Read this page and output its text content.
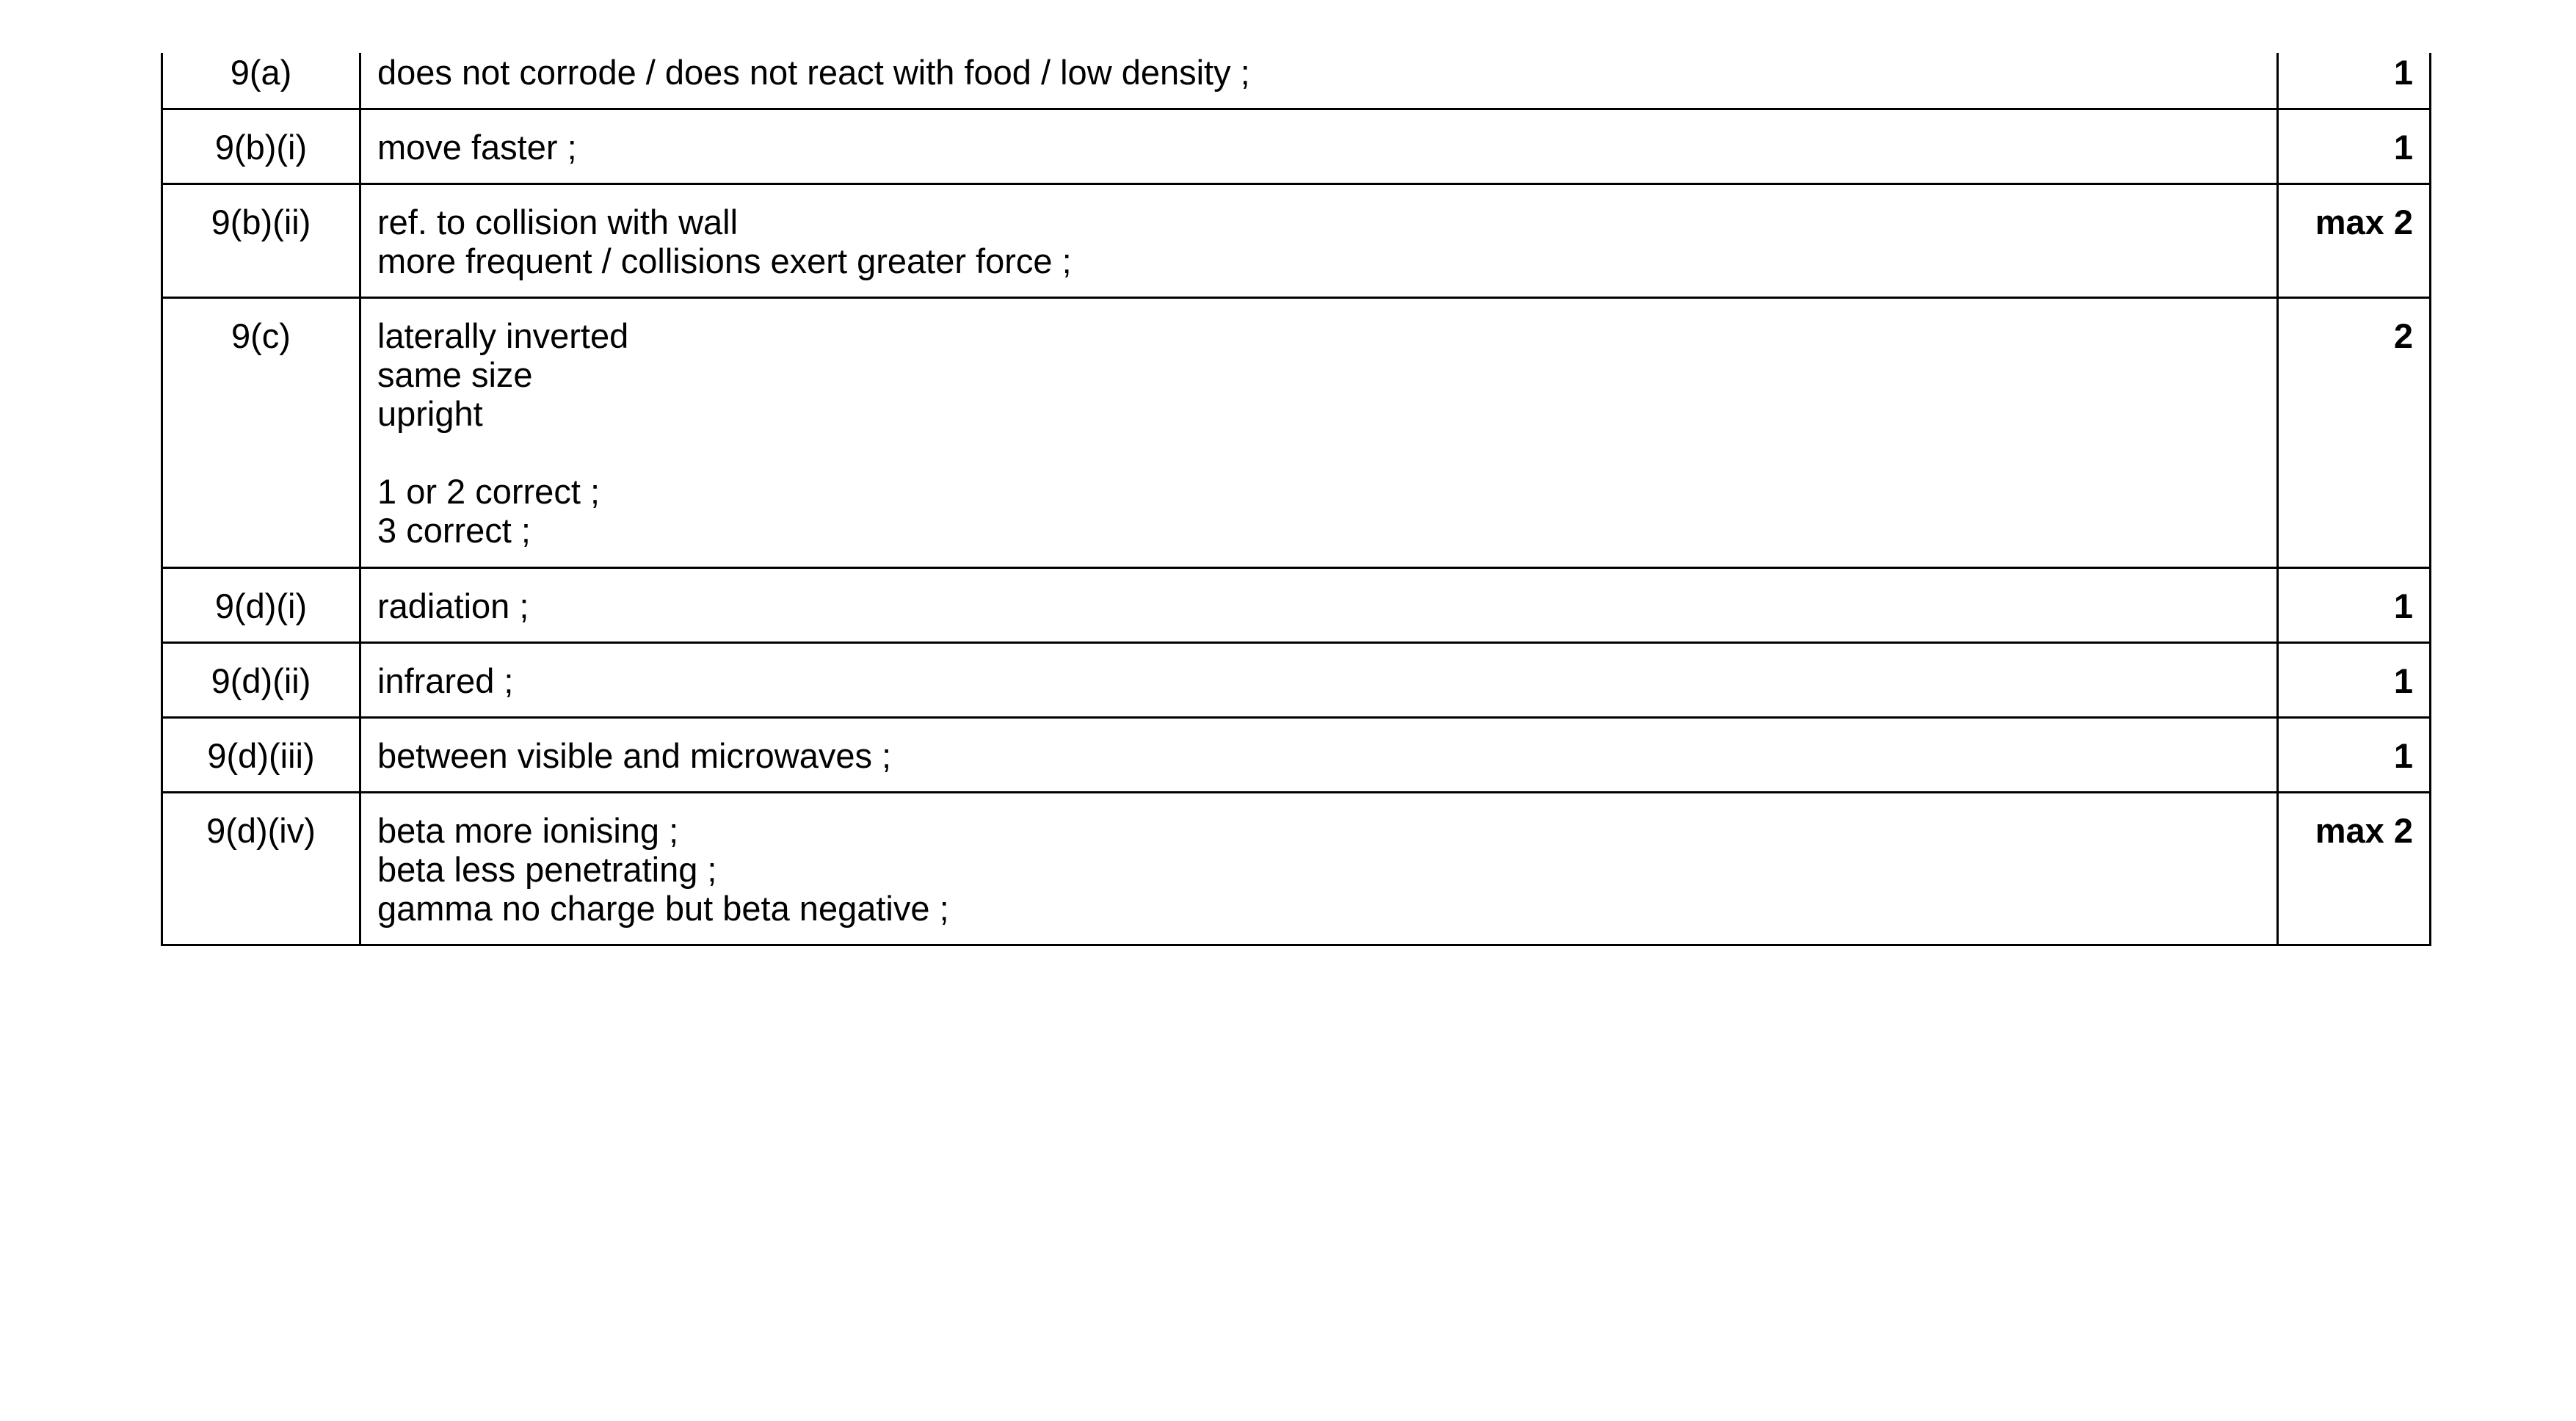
9(a)	does not corrode / does not react with food / low density ;	1
9(b)(i)	move faster ;	1
9(b)(ii)	ref. to collision with wall
more frequent / collisions exert greater force ;	max 2
9(c)	laterally inverted
same size
upright
1 or 2 correct ;
3 correct ;	2
9(d)(i)	radiation ;	1
9(d)(ii)	infrared ;	1
9(d)(iii)	between visible and microwaves ;	1
9(d)(iv)	beta more ionising ;
beta less penetrating ;
gamma no charge but beta negative ;	max 2
